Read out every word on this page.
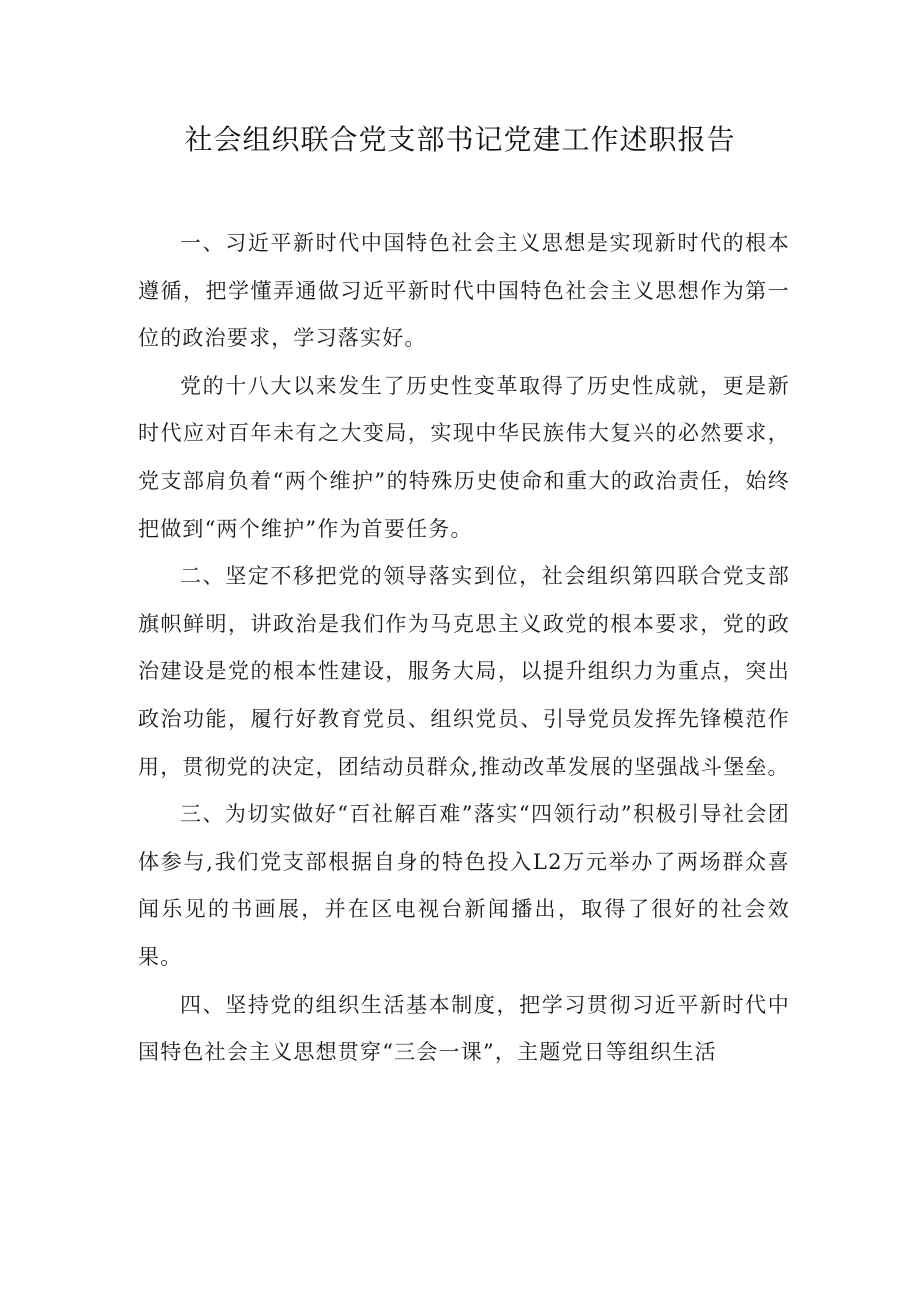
社会组织联合党支部书记党建工作述职报告

一、习近平新时代中国特色社会主义思想是实现新时代的根本遵循，把学懂弄通做习近平新时代中国特色社会主义思想作为第一位的政治要求，学习落实好。

党的十八大以来发生了历史性变革取得了历史性成就，更是新时代应对百年未有之大变局，实现中华民族伟大复兴的必然要求，党支部肩负着“两个维护”的特殊历史使命和重大的政治责任，始终把做到“两个维护”作为首要任务。

二、坚定不移把党的领导落实到位，社会组织第四联合党支部旗帜鲜明，讲政治是我们作为马克思主义政党的根本要求，党的政治建设是党的根本性建设，服务大局，以提升组织力为重点，突出政治功能，履行好教育党员、组织党员、引导党员发挥先锋模范作用，贯彻党的决定，团结动员群众,推动改革发展的坚强战斗堡垒。

三、为切实做好“百社解百难”落实“四领行动”积极引导社会团体参与,我们党支部根据自身的特色投入L2万元举办了两场群众喜闻乐见的书画展，并在区电视台新闻播出，取得了很好的社会效果。

四、坚持党的组织生活基本制度，把学习贯彻习近平新时代中国特色社会主义思想贯穿“三会一课”，主题党日等组织生活
